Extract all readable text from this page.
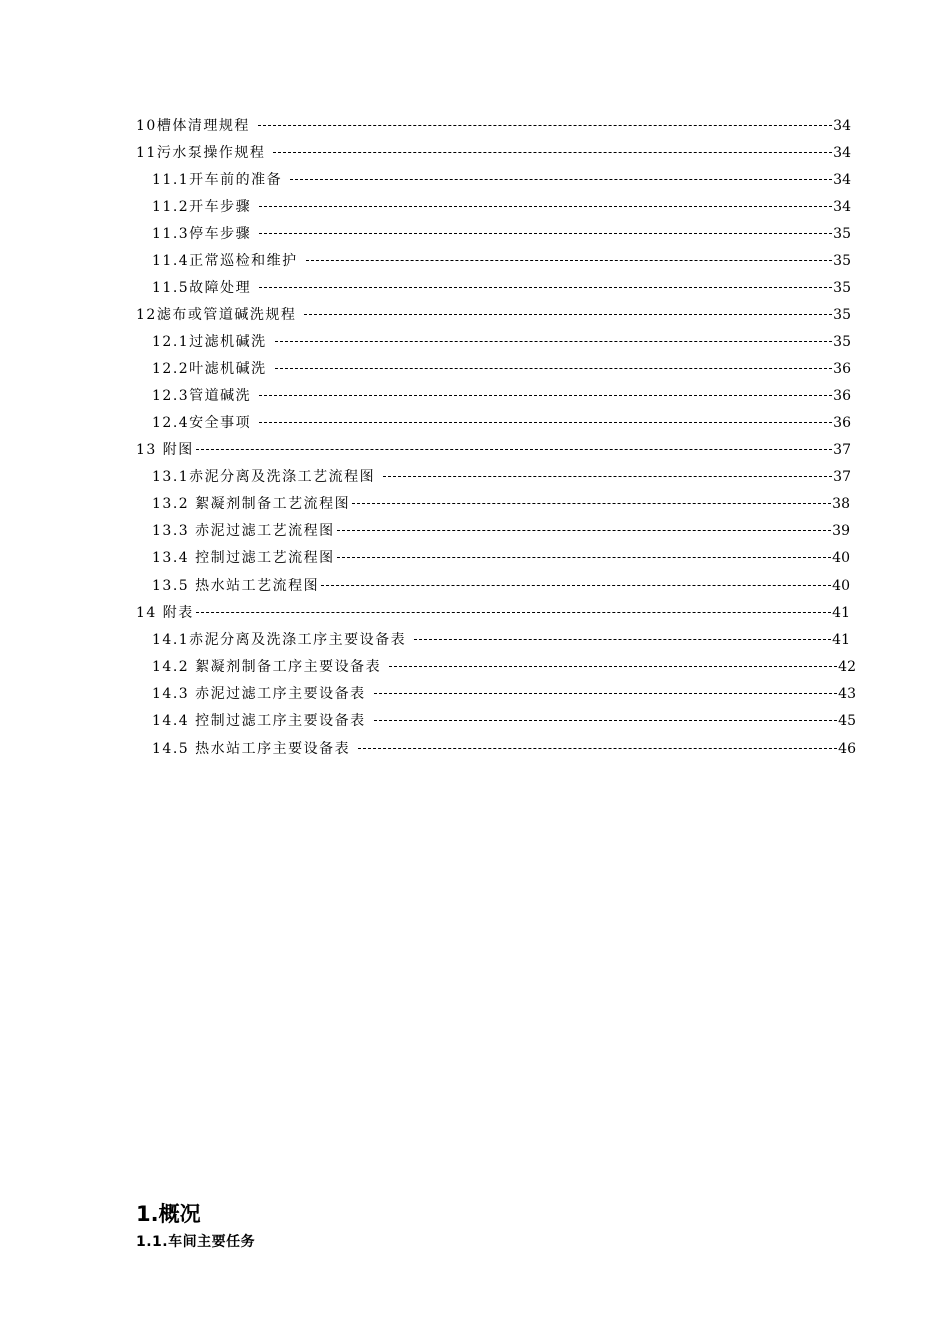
10槽体清理规程	34
11污水泵操作规程	34
11.1开车前的准备	34
11.2开车步骤	34
11.3停车步骤	35
11.4正常巡检和维护	35
11.5故障处理	35
12滤布或管道碱洗规程	35
12.1过滤机碱洗	35
12.2叶滤机碱洗	36
12.3管道碱洗	36
12.4安全事项	36
13 附图	37
13.1赤泥分离及洗涤工艺流程图	37
13.2 絮凝剂制备工艺流程图	38
13.3 赤泥过滤工艺流程图	39
13.4 控制过滤工艺流程图	40
13.5 热水站工艺流程图	40
14 附表	41
14.1赤泥分离及洗涤工序主要设备表	41
14.2 絮凝剂制备工序主要设备表	42
14.3 赤泥过滤工序主要设备表	43
14.4 控制过滤工序主要设备表	45
14.5 热水站工序主要设备表	46
1.概况
1.1.车间主要任务
